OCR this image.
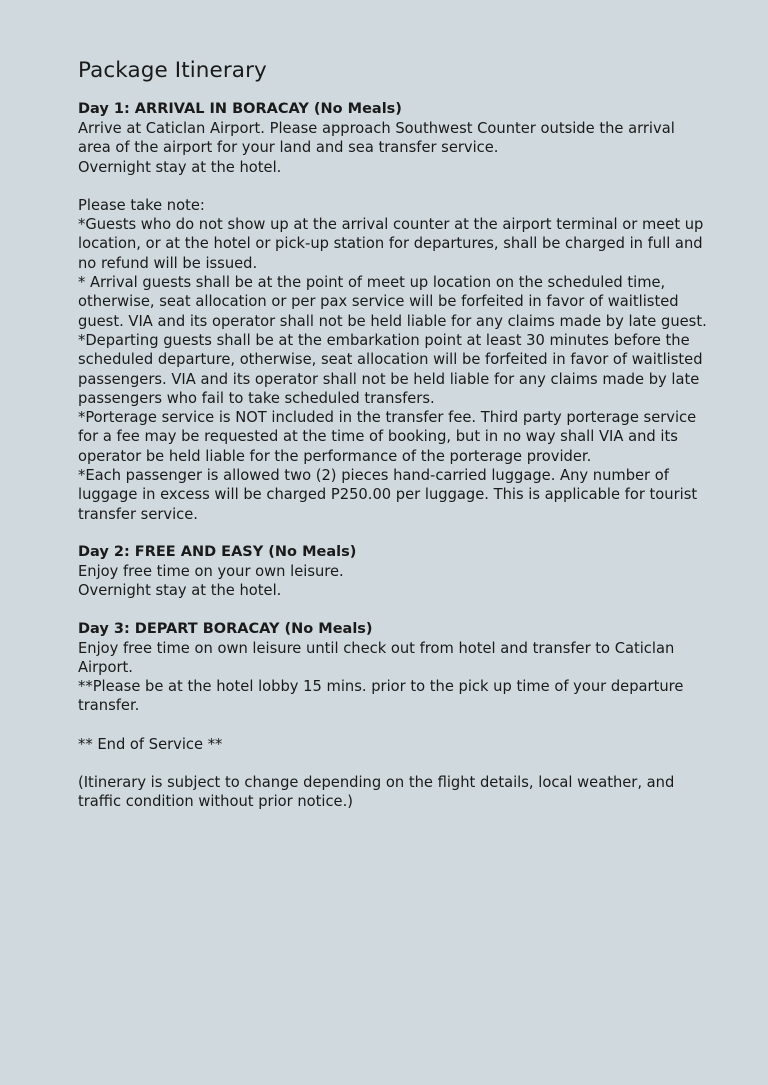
Package Itinerary

Day 1: ARRIVAL IN BORACAY (No Meals)

Arrive at Caticlan Airport. Please approach Southwest Counter outside the arrival area of the airport for your land and sea transfer service.

Overnight stay at the hotel.

Please take note:

*Guests who do not show up at the arrival counter at the airport terminal or meet up location, or at the hotel or pick-up station for departures, shall be charged in full and no refund will be issued.

* Arrival guests shall be at the point of meet up location on the scheduled time, otherwise, seat allocation or per pax service will be forfeited in favor of waitlisted guest. VIA and its operator shall not be held liable for any claims made by late guest.

*Departing guests shall be at the embarkation point at least 30 minutes before the scheduled departure, otherwise, seat allocation will be forfeited in favor of waitlisted passengers. VIA and its operator shall not be held liable for any claims made by late passengers who fail to take scheduled transfers.

*Porterage service is NOT included in the transfer fee. Third party porterage service for a fee may be requested at the time of booking, but in no way shall VIA and its operator be held liable for the performance of the porterage provider.

*Each passenger is allowed two (2) pieces hand-carried luggage. Any number of luggage in excess will be charged P250.00 per luggage. This is applicable for tourist transfer service.

Day 2: FREE AND EASY (No Meals)

Enjoy free time on your own leisure.

Overnight stay at the hotel.

Day 3: DEPART BORACAY (No Meals)

Enjoy free time on own leisure until check out from hotel and transfer to Caticlan Airport.

**Please be at the hotel lobby 15 mins. prior to the pick up time of your departure transfer.

** End of Service **

(Itinerary is subject to change depending on the flight details, local weather, and traffic condition without prior notice.)
